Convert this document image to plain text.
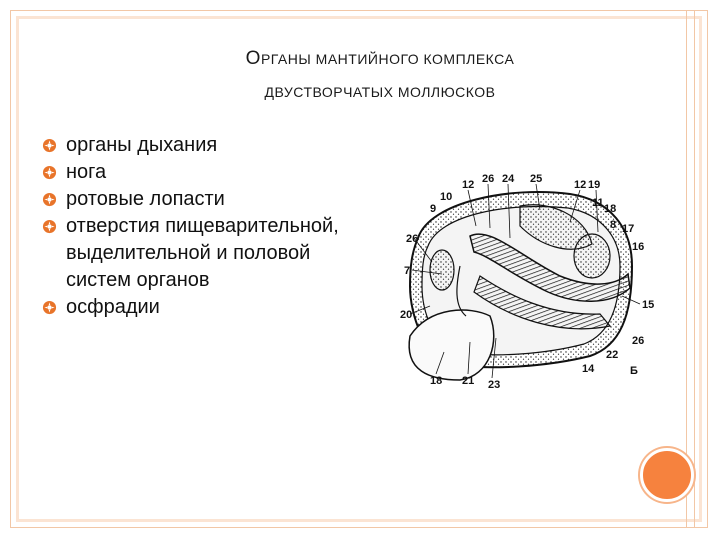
ОРГАНЫ МАНТИЙНОГО КОМПЛЕКСА
ДВУСТВОРЧАТЫХ МОЛЛЮСКОВ
органы дыхания
нога
ротовые лопасти
отверстия пищеварительной, выделительной и половой систем органов
осфрадии
12 26 24 25	12 19
10	11
9	18
8 17
26
16
7
15
20
26
22
14
18 21 23
Б
